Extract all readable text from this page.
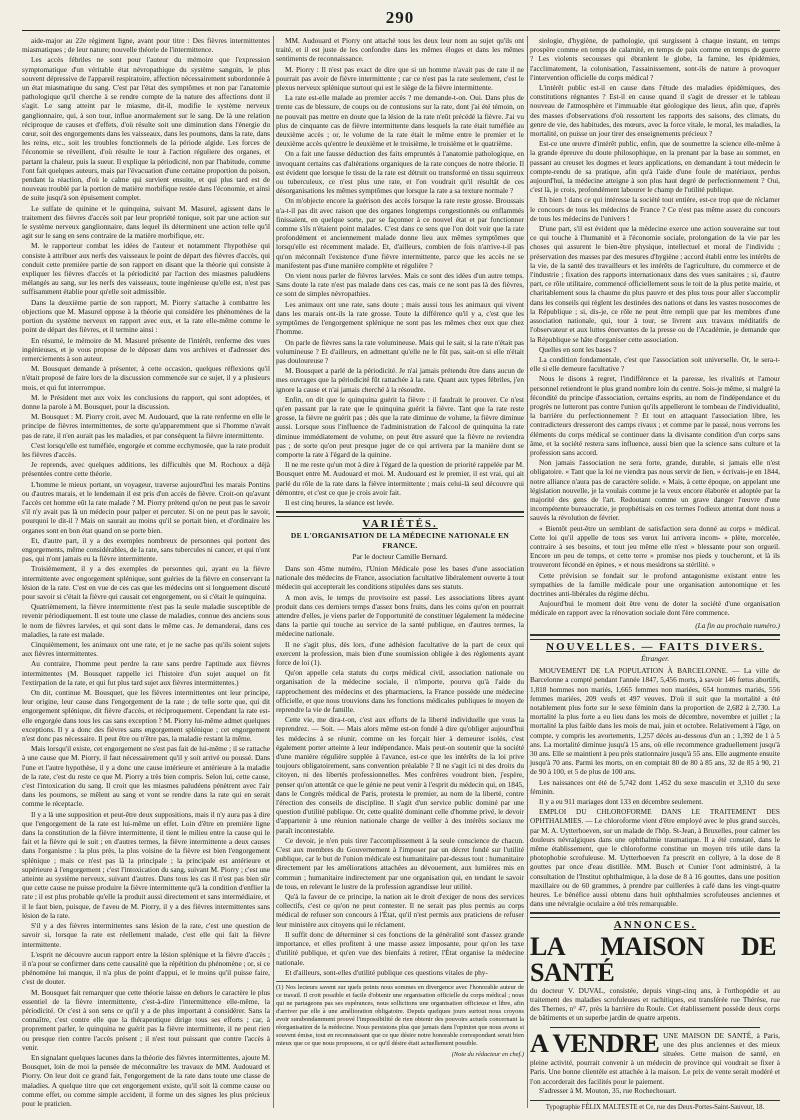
290

aide-major au 22e régiment ligne, avant pour titre : Des fièvres intermittentes miasmatiques ; de leur nature; nouvelle théorie de l'intermittence.

Les accès fébriles ne sont pour l'auteur du mémoire que l'expression symptomatique d'un véritable état névropathique du système sanguin, le plus souvent dépressive de l'appareil respiratoire, affection nécessairement subordonnée à un état miasmatique du sang. C'est par l'état des symptômes et non par l'anatomie pathologique qu'il cherche à se rendre compte de la nature des affections dont il s'agit. Le sang atteint par le miasme, dit-il, modifie le système nerveux ganglionnaire, qui, à son tour, influe anormalement sur le sang. De là une relation réciproque de causes et d'effets, d'où résulte soit une diminution dans l'énergie du cœur, soit des engorgements dans les vaisseaux, dans les poumons, dans la rate, dans les reins, etc., soit les troubles fonctionnels de la période algide. Les forces de l'économie se réveillent, d'où résulte le tour à l'action réguliere des organes, et partant la chaleur, puis la sueur. Il explique la périodicité, non par l'habitude, comme l'ont fait quelques auteurs, mais par l'évacuation d'une certaine proportion du poison, pendant la réaction, d'où le calme qui survient ensuite, et qui plus tard est de nouveau troublé par la portion de matière morbifique restée dans l'économie, et ainsi de suite jusqu'à son épuisement complet.

Le sulfate de quinine et le quinquina, suivant M. Masurel, agissent dans le traitement des fièvres d'accès soit par leur propriété tonique, soit par une action sur le système nerveux ganglionnaire, dans lequel ils déterminent une action telle qu'il agit sur le sang en sens contraire de la matière morbifique, etc.

M. le rapporteur combat les idées de l'auteur et notamment l'hypothèse qui consiste à attribuer aux nerfs des vaisseaux le point de départ des fièvres d'accès, qui conduit cette première partie de son rapport en disant que la théorie qui consiste à expliquer les fièvres d'accès et la périodicité par l'action des miasmes paludéens mélangés au sang, sur les nerfs des vaisseaux, toute ingénieuse qu'elle est, n'est pas suffisamment établie pour qu'elle soit admissible.

Dans la deuxième partie de son rapport, M. Piorry s'attache à combattre les objections que M. Masurel oppose à la théorie qui considère les phénomènes de la portion du système nerveux en rapport avec eux, et la rate elle-même comme le point de départ des fièvres, et il termine ainsi :

En résumé, le mémoire de M. Masurel présente de l'intérêt, renferme des vues ingénieuses, et je vous propose de le déposer dans vos archives et d'adresser des remerciements à son auteur.

M. Bousquet demande à présenter, à cette occasion, quelques réflexions qu'il n'était proposé de faire lors de la discussion commencée sur ce sujet, il y a plusieurs mois, et qui fut interrompue.

M. le Président met aux voix les conclusions du rapport, qui sont adoptées, et donne la parole à M. Bousquet, pour la discussion.

M. Bousquet : M. Piorry croit, avec M. Audouard, que la rate renferme en elle le principe de fièvres intermittentes, de sorte qu'apparemment que si l'homme n'avait pas de rate, il n'en aurait pas les maladies, et par conséquent la fièvre intermittente.

C'est lorsqu'elle est tuméfiée, engorgée et comme ecchymosée, que la rate produit les fièvres d'accès.

Je reprends, avec quelques additions, les difficultés que M. Rochoux a déjà présentées contre cette théorie.

L'homme le mieux portant, un voyageur, traverse aujourd'hui les marais Pontins ou d'autres marais, et le lendemain il est pris d'un accès de fièvre. Croit-on qu'avant l'accès cet homme eût la rate malade ? M. Piorry prétend qu'on ne peut pas le savoir s'il n'y avait pas là un médecin pour palper et percuter. Si on ne peut pas le savoir, pourquoi le dit-il ? Mais on saurait au moins qu'il se portait bien, et d'ordinaire les organes sont en bon état quand on se porte bien.

Et, d'autre part, il y a des exemples nombreux de personnes qui portent des engorgements, même considérables, de la rate, sans tubercules ni cancer, et qui n'ont pas, qui n'ont jamais eu la fièvre intermittente.

Troisièmement, il y a des exemples de personnes qui, ayant eu la fièvre intermittente avec engorgement splénique, sont guéries de la fièvre en conservant la lésion de la rate. C'est en vue de ces cas que les médecins ont si longuement discuté pour savoir si c'était la fièvre qui causait cet engorgement, ou si c'était le quinquina.

Quatrièmement, la fièvre intermittente n'est pas la seule maladie susceptible de revenir périodiquement. Il est toute une classe de maladies, connue des anciens sous le nom de fièvres larvées, et qui sont dans le même cas. Je demanderai, dans ces maladies, la rate est malade.

Cinquièmement, les animaux ont une rate, et je ne sache pas qu'ils soient sujets aux fièvres intermittentes.

Au contraire, l'homme peut perdre la rate sans perdre l'aptitude aux fièvres intermittentes (M. Bousquet rappelle ici l'histoire d'un sujet auquel on fit l'extirpation de la rate, et qui fut plus tard sujet aux fièvres intermittentes.)

On dit, continue M. Bousquet, que les fièvres intermittentes ont leur principe, leur origine, leur cause dans l'engorgement de la rate ; de telle sorte que, qui dit engorgement splénique, dit fièvre d'accès, et réciproquement. Cependant la rate est-elle engorgée dans tous les cas sans exception ? M. Piorry lui-même admet quelques exceptions. Il y a donc des fièvres sans engorgement splénique ; cet engorgement n'est donc pas nécessaire. Il peut être ou n'être pas, la maladie restant la même.

Mais lorsqu'il existe, cet engorgement ne s'est pas fait de lui-même ; il se rattache à une cause que M. Piorry, il faut nécessairement qu'il y soit arrivé ou poussé. Dans l'une et l'autre hypothèse, il y a donc une cause intérieure et antérieure à la maladie de la rate, c'est du reste ce que M. Piorry a très bien compris. Selon lui, cette cause, c'est l'intoxication du sang. Il croit que les miasmes paludéens pénètrent avec l'air dans les poumons, se mêlent au sang et vont se rendre dans la rate qui en serait comme le réceptacle.

Il y a là une supposition et peut-être deux suppositions, mais il n'y aura pas à dire que l'engorgement de la rate est lui-même un effet. Loin d'être en première ligne dans la constitution de la fièvre intermittente, il tient le milieu entre la cause qui le fait et la fièvre qui le suit ; en d'autres termes, la fièvre intermittente a deux causes dans l'organisme : la plus près, la plus voisine de la fièvre est bien l'engorgement splénique ; mais ce n'est pas là la principale ; la principale est antérieure et supérieure à l'engorgement ; c'est l'intoxication du sang, suivant M. Piorry ; c'est une atteinte au système nerveux, suivant d'autres. Dans tous les cas il n'est pas bien sûr que cette cause ne puisse produire la fièvre intermittente qu'à la condition d'enflier la rate ; il est plus probable qu'elle la produit aussi directement et sans intermédiaire, et il le faut bien, puisque, de l'aveu de M. Piorry, il y a des fièvres intermittentes sans lésion de la rate.

S'il y a des fièvres intermittentes sans lésion de la rate, c'est une question de savoir si, lorsque la rate est réellement malade, c'est elle qui fait la fièvre intermittente.

L'esprit ne découvre aucun rapport entre la lésion splénique et la fièvre d'accès ; il n'a pour se confirmer dans cette causalité que la répétition du phénomène ; or, si ce phénomène lui manque, il n'a plus de point d'appui, et le moins qu'il puisse faire, c'est de douter.

M. Bousquet fait remarquer que cette théorie laisse en dehors le caractère le plus essentiel de la fièvre intermittente, c'est-à-dire l'intermittence elle-même, la périodicité. Or c'est à son sens ce qu'il y a de plus important à considérer. Sans la connaître, c'est contre elle que la thérapeutique dirige tous ses efforts ; car, à proprement parler, le quinquina ne guérit pas la fièvre intermittente, il ne peut rien ou presque rien contre l'accès présent ; il n'est tout puissant que contre l'accès à venir.

En signalant quelques lacunes dans la théorie des fièvres intermittentes, ajoute M. Bousquet, loin de moi la pensée de méconnaître les travaux de MM. Audouard et Piorry. On leur doit ce grand fait, l'engorgement de la rate dans toute une classe de maladies. A quelque titre que cet engorgement existe, qu'il soit là comme cause ou comme effet, ou comme simple accident, il forme un des signes les plus précieux pour le praticien.

MM. Audouard et Piorry ont attaché tous les deux leur nom au sujet qu'ils ont traité, et il est juste de les confondre dans les mêmes éloges et dans les mêmes sentiments de reconnaissance.

M. Piorry : Il n'est pas exact de dire que si un homme n'avait pas de rate il ne pourrait pas avoir de fièvre intermittente ; car ce n'est pas la rate seulement, c'est le plexus nerveux splénique surtout qui est le siège de la fièvre intermittente.

La rate est-elle malade au premier accès ? me demande-t-on. Oui. Dans plus de trente cas de blessure, de coups ou de contusions sur la rate, dont j'ai été témoin, on ne pouvait pas mettre en doute que la lésion de la rate n'eût précédé la fièvre. J'ai vu plus de cinquante cas de fièvre intermittente dans lesquels la rate était tuméfiée au deuxième accès ; or, le volume de la rate était le même entre le premier et le deuxième accès qu'entre le deuxième et le troisième, le troisième et le quatrième.

On a fait une fausse déduction des faits empruntés à l'anatomie pathologique, en invoquant certains cas d'altérations organiques de la rate conçues de notre théorie. Il est évident que lorsque le tissu de la rate est détruit ou transformé en tissu squirreux ou tuberculeux, ce n'est plus une rate, et l'on voudrait qu'il résultât de ces désorganisations les mêmes symptômes que lorsque la rate a sa texture normale ?

On m'objecte encore la guérison des accès lorsque la rate reste grosse. Broussais n'a-t-il pas dit avec raison que des organes longtemps congestionnés ou enflammés finissaient, en quelque sorte, par se façonner à ce nouvel état et par fonctionner comme s'ils n'étaient point malades. C'est dans ce sens que l'on doit voir que la rate profondément et anciennement malade donne lieu aux mêmes symptômes que lorsqu'elle est récemment malade. Et, d'ailleurs, combien de fois n'arrive-t-il pas qu'on méconnaît l'existence d'une fièvre intermittente, parce que les accès ne se manifestent pas d'une manière complète et régulière ?

On vient nous parler de fièvres larvées. Mais ce sont des idées d'un autre temps. Sans doute la rate n'est pas malade dans ces cas, mais ce ne sont pas là des fièvres, ce sont de simples névropathies.

Les animaux ont une rate, sans doute ; mais aussi tous les animaux qui vivent dans les marais ont-ils la rate grosse. Toute la différence qu'il y a, c'est que les symptômes de l'engorgement splénique ne sont pas les mêmes chez eux que chez l'homme.

On parle de fièvres sans la rate volumineuse. Mais qui le sait, si la rate n'était pas volumineuse ? Et d'ailleurs, en admettant qu'elle ne le fût pas, sait-on si elle n'était pas douloureuse ?

M. Bousquet a parlé de la périodicité. Je n'ai jamais prétendu être dans aucun de mes ouvrages que la périodicité fût rattachée à la rate. Quant aux types fébriles, j'en ignore la cause et n'ai jamais cherché à la résoudre.

Enfin, on dit que le quinquina guérit la fièvre : il faudrait le prouver. Ce n'est qu'en passant par la rate que le quinquina guérit la fièvre. Tant que la rate reste grosse, la fièvre ne guérit pas ; dès que la rate diminue de volume, la fièvre diminue aussi. Lorsque sous l'influence de l'administration de l'alcool de quinquina la rate diminue immédiatement de volume, on peut être assuré que la fièvre ne reviendra pas ; de sorte qu'on peut presque juger de ce qui arrivera par la manière dont se comporte la rate à l'égard de la quinine.

Il ne me reste qu'un mot à dire à l'égard de la question de priorité rappelée par M. Bousquet entre M. Audouard et moi. M. Audouard est le premier, il est vrai, qui ait parlé du rôle de la rate dans la fièvre intermittente ; mais celui-là seul découvre qui démontre, et c'est ce que je crois avoir fait.

Il est cinq heures, la séance est levée.

VARIÉTÉS.
DE L'ORGANISATION DE LA MÉDECINE NATIONALE EN FRANCE.
Par le docteur Camille Bernard.

Dans son 45me numéro, l'Union Médicale pose les bases d'une association nationale des médecins de France, association facultative libéralement ouverte à tout médecin qui accepterait les conditions stipulées dans ses statuts.

A mon avis, le temps du provisoire est passé. Les associations libres ayant produit dans ces derniers temps d'assez bons fruits, dans les coins qu'on en pourrait attendre d'elles, je viens parler de l'opportunité de constituer légalement la médecine dans la partie qui touche au service de la santé publique, en d'autres termes, la médecine nationale.

Il ne s'agit plus, dès lors, d'une adhésion facultative de la part de ceux qui exercent la profession, mais bien d'une soumission obligée à des règlements ayant force de loi (1).

Qu'on appelle cela statuts du corps médical civil, association nationale ou organisation de la médecine sociale, il n'importe, pourvu qu'à l'aide du rapprochement des médecins et des pharmaciens, la France possède une médecine officielle, et que nous trouvions dans les fonctions médicales publiques le moyen de reprendre la vie de famille.

Cette vie, me dira-t-on, c'est aux efforts de la liberté individuelle que vous la reprendrez. — Soit. — Mais alors même est-on fondé à dire qu'obliger aujourd'hui les médecins à se réunir, comme on les forçait hier à demeurer isolés, c'est également porter atteinte à leur indépendance. Mais peut-on soutenir que la société d'une manière régulière supplée à l'avance, est-ce que les intérêts de la loi prive toujours obligatoirement, sans convention préalable ? Il ne s'agit ici ni des droits du citoyen, ni des libertés professionnelles. Mes confrères voudront bien, j'espère, penser qu'on attentât ce que le génie ne peut venir à l'esprit du médecin qui, en 1845, dans le Congrès médical de Paris, protesta le premier, au nom de la liberté, contre l'érection des conseils de discipline. Il s'agit d'un service public dominé par une question d'utilité publique. Or, cette qualité dominant celle d'homme privé, le devoir d'appartenir à une réunion nationale charge de veiller à des intérêts sociaux me paraît incontestable.

Ce devoir, je n'en puis tirer l'accomplissement à la seule conscience de chacun. C'est aux membres du Gouvernement à l'imposer par un décret fondé sur l'utilité publique, car le but de l'union médicale est humanitaire par-dessus tout : humanitaire directement par les améliorations attachées au dévouement, aux lumières mis en commun ; humanitaire indirectement par une organisation qui, en tendant le savoir de tous, en relevant le lustre de la profession agrandisse leur utilité.

Qu'à la faveur de ce principe, la nation ait le droit d'exiger de nous des services collectifs, c'est ce qu'on ne peut contester. Il ne serait pas plus permis au corps médical de refuser son concours à l'État, qu'il n'est permis aux praticiens de refuser leur ministère aux citoyens qui le réclament.

Il suffit donc de déterminer si ces fonctions de la généralité sont d'assez grande importance, et elles profitent à une masse assez imposante, pour qu'on les taxe d'utilité publique, et qu'en vue des bienfaits à retirer, l'État organise la médecine nationale.

Et d'ailleurs, sont-elles d'utilité publique ces questions vitales de phy-

(1) Nos lecteurs savent sur quels points nous sommes en divergence avec l'honorable auteur de ce travail. Il croit possible et facile d'obtenir une organisation officielle du corps médical ; nous qui ne partageons pas ses espérances, nous sollicitons une organisation officieuse et libre, afin d'arriver par elle à une amélioration obligatoire. Depuis quelques jours surtout nous croyons avoir surabondamment prouvé l'impossibilité de rien obtenir des pouvoirs actuels concernant la réorganisation de la médecine. Nous persistons plus que jamais dans l'opinion que nous avons si souvent émise, tout en reconnaissant que ce que désire notre honorable correspondant serait bien mieux que ce que nous proposons, si ce qu'il désire était actuellement possible.
(Note du rédacteur en chef.)

siologie, d'hygiène, de pathologie, qui surgissent à chaque instant, en temps prospère comme en temps de calamité, en temps de paix comme en temps de guerre ? Les violents secousses qui ébranlent le globe, la famine, les épidémies, l'acclimatement, la colonisation, l'assainissement, sont-ils de nature à provoquer l'intervention officielle du corps médical ?

L'intérêt public est-il en cause dans l'étude des maladies épidémiques, des constitutions régnantes ? Est-il en cause quand il s'agit de dresser et le tableau nouveau de l'atmosphère et l'immuable état géologique des lieux, afin que, d'après des masses d'observations d'où ressortent les rapports des saisons, des climats, du genre de vie, des habitudes, des mœurs, avec la force vitale, le moral, les maladies, la mortalité, on puisse un jour tirer des enseignements précieux ?

Est-ce une œuvre d'intérêt public, enfin, que de soumettre la science elle-même à la grande épreuve du doute philosophique, en la prenant par la base au sommet, en passant au creuset les dogmes et leurs applications, en demandant à tout médecin le compte-rendu de sa pratique, afin qu'à l'aide d'une foule de matériaux, perdus aujourd'hui, la médecine atteigne à son plus haut degré de perfectionnement ? Oui, c'est là, je crois, profondément labourer le champ de l'utilité publique.

Eh bien ! dans ce qui intéresse la société tout entière, est-ce trop que de réclamer le concours de tous les médecins de France ? Ce n'est pas même assez du concours de tous les médecins de l'univers !

D'une part, s'il est évident que la médecine exerce une action souveraine sur tout ce qui touche à l'humanité et à l'économie sociale, prolongation de la vie par les choses qui assurent le bien-être physique, intellectuel et moral de l'individu ; préservation des masses par des mesures d'hygiène ; accord établi entre les intérêts de la vie, de la santé des travailleurs et les intérêts de l'agriculture, du commerce et de l'industrie ; fixation des rapports internationaux dans des vues sanitaires ; si, d'autre part, ce rôle utilitaire, commencé officiellement sous le toit de la plus petite mairie, et charitablement sous la chaume du plus pauvre et des plus tous pour aller s'accomplir dans les conseils qui règlent les destinées des nations et dans les vastes nosocomes de la République ; si, dis-je, ce rôle ne peut être rempli que par les membres d'une association nationale, qui, tour à tour, se livrent aux travaux méditatifs de l'observateur et aux luttes énervantes de la presse ou de l'Académie, je demande que la République se hâte d'organiser cette association.

Quelles en sont les bases ?

La condition fondamentale, c'est que l'association soit universelle. Or, le sera-t-elle si elle demeure facultative ?

Nous le disons à regret, l'indifférence et la paresse, les rivalités et l'amour personnel retiendront le plus grand nombre loin du centre. Sois-je même, si malgré la fécondité du principe d'association, certains esprits, au nom de l'indépendance et du progrès ne lutteront pas contre l'union qu'ils appelleront le tombeau de l'individualité, la barrière du perfectionnement ? Et tout en attaquant l'association libre, les contradicteurs dresseront des camps rivaux ; et comme par le passé, nous verrons les éléments du corps médical se continuer dans la divisante condition d'un corps sans âme, et la société restera sans influence, aussi bien que la science sans culture et la profession sans accord.

Non jamais l'association ne sera forte, grande, durable, si jamais elle n'est obligatoire. « Tant que la loi ne viendra pas nous servir de lien, » écrivais-je en 1844, notre alliance n'aura pas de caractère solide. » Mais, à cette époque, on appelant une législation nouvelle, je la voulais comme je la veux encore élaborée et adoptée par la majorité des gens de l'art. Redoutant comme un grave danger l'œuvre d'une incompétente bureaucratie, je prophétisais en ces termes l'odieux attentat dont nous a sauvés la révolution de février.

« Bientôt peut-être un semblant de satisfaction sera donné au corps » médical. Cette loi qu'il appelle de tous ses vœux lui arrivera incom- » plète, morcelée, contraire à ses besoins, et tout jeu même elle n'est » blessante pour son orgueil. Encore un peu de temps, et cette terre » promise nos pieds y toucheront, et là ils trouveront fécondé en épines, » et nous mesidrons sa stérilité. »

Cette prévision se fondait sur le profond antagonisme existant entre les sympathies de la famille médicale pour une organisation autonomique et les doctrines anti-libérales du régime déchu.

Aujourd'hui le moment doit être venu de doter la société d'une organisation médicale en rapport avec la rénovation sociale dont l'ère commence.

(La fin au prochain numéro.)
NOUVELLES. — FAITS DIVERS.
Étranger.

MOUVEMENT DE LA POPULATION À BARCELONNE. — La ville de Barcelonne a compté pendant l'année 1847, 5,456 morts, à savoir 146 fœtus abortifs, 1,818 hommes non mariés, 1,665 femmes non mariées, 654 hommes mariés, 556 femmes mariées, 209 veufs et 497 veuves. D'où il suit que la mortalité a été notablement plus forte sur le sexe féminin dans la proportion de 2,682 à 2,730. La mortalité la plus forte a eu lieu dans les mois de décembre, novembre et juillet ; la mortalité la plus faible dans les mois de mai, juin et octobre. Relativement à l'âge, on compte, y compris les avortements, 1,257 décès au-dessous d'un an ; 1,392 de 1 à 5 ans. La mortalité diminue jusqu'à 15 ans, où elle recommence graduellement jusqu'à 30 ans. Elle se maintient à peu près stationnaire jusqu'à 55 ans. Elle augmente ensuite jusqu'à 70 ans. Parmi les morts, on en comptait 80 de 80 à 85 ans, 32 de 85 à 90, 21 de 90 à 100, et 5 de plus de 100 ans.

Les naissances ont été de 5,742 dont 1,452 du sexe masculin et 3,310 du sexe féminin.

Il y a eu 911 mariages dont 133 en décembre seulement.

EMPLOI DU CHLOROFORME DANS LE TRAITEMENT DES OPHTHALMIES. — Le chloroforme vient d'être employé avec le plus grand succès, par M. A. Uytterhoeven, sur un malade de l'hôp. St-Jean, à Bruxelles, pour calmer les douleurs névralgiques dans une ophthalmie traumatique. Il a été constaté, dans le même établissement, que le chloroforme constitue un moyen très utile dans la photophobie scrofuleuse. M. Uytterhoeven l'a prescrit en collyre, à la dose de 8 gouttes par once d'eau distillée. MM. Busch et Cunier l'ont administré, à la consultation de l'Institut ophthalmique, à la dose de 8 à 16 gouttes, dans une position maxillaire ou de 60 grammes, à prendre par cuillerées à café dans les vingt-quatre heures. Le bénéfice aussi obtenu dans huit ophthalmies scrofuleuses anciennes et dans une névralgie oculaire a été très remarquable.

ANNONCES.
LA MAISON DE SANTÉ
du docteur V. DUVAL, consistée, depuis vingt-cinq ans, à l'orthopédie et au traitement des maladies scrofuleuses et rachitiques, est transférée rue Thérèse, rue des Thernes, n° 47, près la barrière du Roule. Cet établissement possède deux corps de bâtiments et un superbe jardin de quatre arpents.
A VENDRE UNE MAISON DE SANTÉ, à Paris, une des plus anciennes et des mieux situées. Cette maison de santé, en pleine activité, pourrait convenir à un médecin de province qui voudrait se fixer à Paris. Une bonne clientèle est attachée à la maison. Le prix de vente serait modéré et l'on accorderait des facilités pour le paiement.
S'adresser à M. Mouton, 35, rue Rochechouart.
Typographie FÉLIX MALTESTE et Ce, rue des Deux-Portes-Saint-Sauveur, 18.
